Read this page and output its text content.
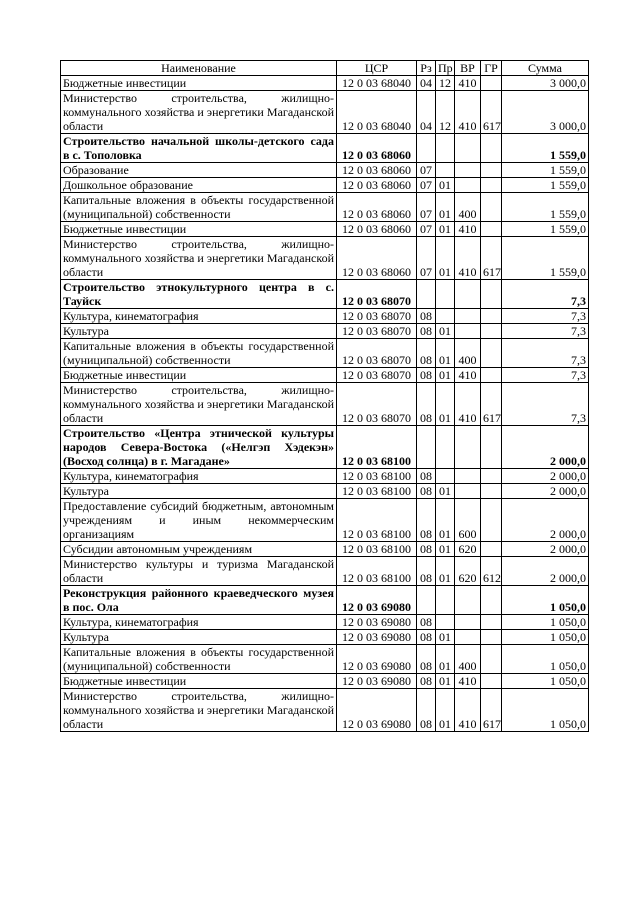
Наименование	ЦСР	Рз	Пр	ВР	ГР	Сумма
Бюджетные инвестиции	12 0 03 68040	04	12	410		3 000,0
Министерство строительства, жилищно-коммунального хозяйства и энергетики Магаданской области	12 0 03 68040	04	12	410	617	3 000,0
Строительство начальной школы-детского сада в с. Тополовка	12 0 03 68060					1 559,0
Образование	12 0 03 68060	07				1 559,0
Дошкольное образование	12 0 03 68060	07	01			1 559,0
Капитальные вложения в объекты государственной (муниципальной) собственности	12 0 03 68060	07	01	400		1 559,0
Бюджетные инвестиции	12 0 03 68060	07	01	410		1 559,0
Министерство строительства, жилищно-коммунального хозяйства и энергетики Магаданской области	12 0 03 68060	07	01	410	617	1 559,0
Строительство этнокультурного центра в с. Тауйск	12 0 03 68070					7,3
Культура, кинематография	12 0 03 68070	08				7,3
Культура	12 0 03 68070	08	01			7,3
Капитальные вложения в объекты государственной (муниципальной) собственности	12 0 03 68070	08	01	400		7,3
Бюджетные инвестиции	12 0 03 68070	08	01	410		7,3
Министерство строительства, жилищно-коммунального хозяйства и энергетики Магаданской области	12 0 03 68070	08	01	410	617	7,3
Строительство «Центра этнической культуры народов Севера-Востока («Нелгэп Хэдекэн» (Восход солнца) в г. Магадане»	12 0 03 68100					2 000,0
Культура, кинематография	12 0 03 68100	08				2 000,0
Культура	12 0 03 68100	08	01			2 000,0
Предоставление субсидий бюджетным, автономным учреждениям и иным некоммерческим организациям	12 0 03 68100	08	01	600		2 000,0
Субсидии автономным учреждениям	12 0 03 68100	08	01	620		2 000,0
Министерство культуры и туризма Магаданской области	12 0 03 68100	08	01	620	612	2 000,0
Реконструкция районного краеведческого музея в пос. Ола	12 0 03 69080					1 050,0
Культура, кинематография	12 0 03 69080	08				1 050,0
Культура	12 0 03 69080	08	01			1 050,0
Капитальные вложения в объекты государственной (муниципальной) собственности	12 0 03 69080	08	01	400		1 050,0
Бюджетные инвестиции	12 0 03 69080	08	01	410		1 050,0
Министерство строительства, жилищно-коммунального хозяйства и энергетики Магаданской области	12 0 03 69080	08	01	410	617	1 050,0
